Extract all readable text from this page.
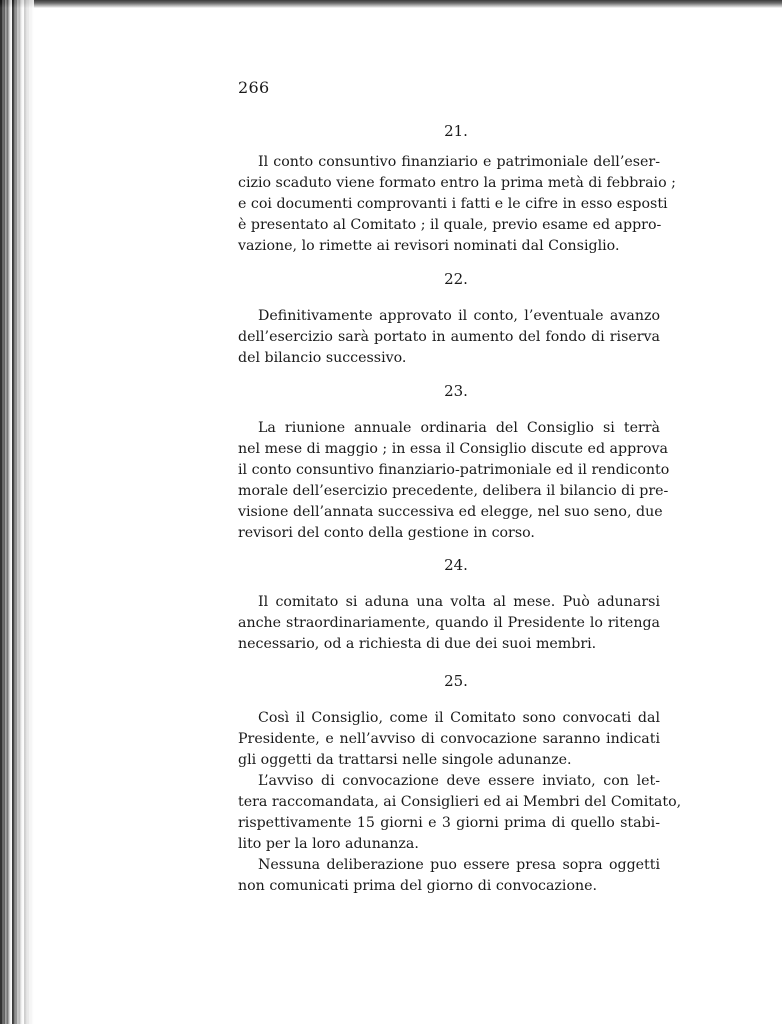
266
21.

Il conto consuntivo finanziario e patrimoniale dell’eser-
cizio scaduto viene formato entro la prima metà di febbraio ;
e coi documenti comprovanti i fatti e le cifre in esso esposti
è presentato al Comitato ; il quale, previo esame ed appro-
vazione, lo rimette ai revisori nominati dal Consiglio.

22.

Definitivamente approvato il conto, l’eventuale avanzo
dell’esercizio sarà portato in aumento del fondo di riserva
del bilancio successivo.

23.

La riunione annuale ordinaria del Consiglio si terrà
nel mese di maggio ; in essa il Consiglio discute ed approva
il conto consuntivo finanziario-patrimoniale ed il rendiconto
morale dell’esercizio precedente, delibera il bilancio di pre-
visione dell’annata successiva ed elegge, nel suo seno, due
revisori del conto della gestione in corso.

24.

Il comitato si aduna una volta al mese. Può adunarsi
anche straordinariamente, quando il Presidente lo ritenga
necessario, od a richiesta di due dei suoi membri.

25.

Così il Consiglio, come il Comitato sono convocati dal
Presidente, e nell’avviso di convocazione saranno indicati
gli oggetti da trattarsi nelle singole adunanze.

L’avviso di convocazione deve essere inviato, con let-
tera raccomandata, ai Consiglieri ed ai Membri del Comitato,
rispettivamente 15 giorni e 3 giorni prima di quello stabi-
lito per la loro adunanza.

Nessuna deliberazione puo essere presa sopra oggetti
non comunicati prima del giorno di convocazione.
